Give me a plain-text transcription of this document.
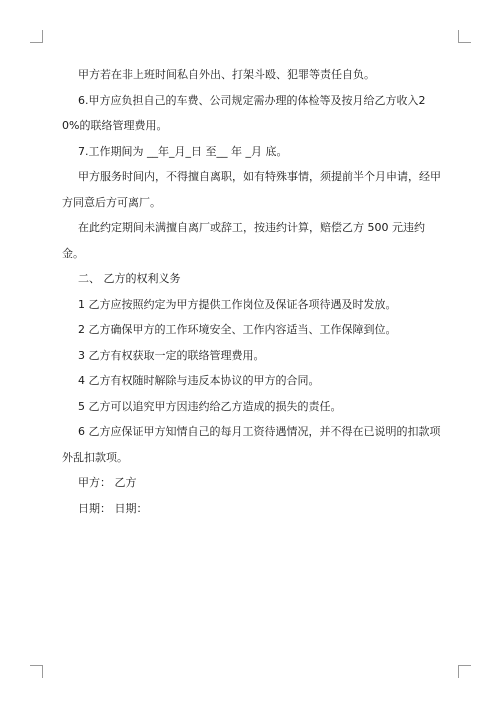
甲方若在非上班时间私自外出、打架斗殴、犯罪等责任自负。

6.甲方应负担自己的车费、公司规定需办理的体检等及按月给乙方收入20%的联络管理费用。

7.工作期间为 __年_月_日 至__ 年 _月 底。

甲方服务时间内，不得擅自离职，如有特殊事情，须提前半个月申请，经甲方同意后方可离厂。

在此约定期间未满擅自离厂或辞工，按违约计算，赔偿乙方 500 元违约金。

二、 乙方的权利义务

1 乙方应按照约定为甲方提供工作岗位及保证各项待遇及时发放。

2 乙方确保甲方的工作环境安全、工作内容适当、工作保障到位。

3 乙方有权获取一定的联络管理费用。

4 乙方有权随时解除与违反本协议的甲方的合同。

5 乙方可以追究甲方因违约给乙方造成的损失的责任。

6 乙方应保证甲方知情自己的每月工资待遇情况，并不得在已说明的扣款项外乱扣款项。

甲方： 乙方

日期： 日期：
